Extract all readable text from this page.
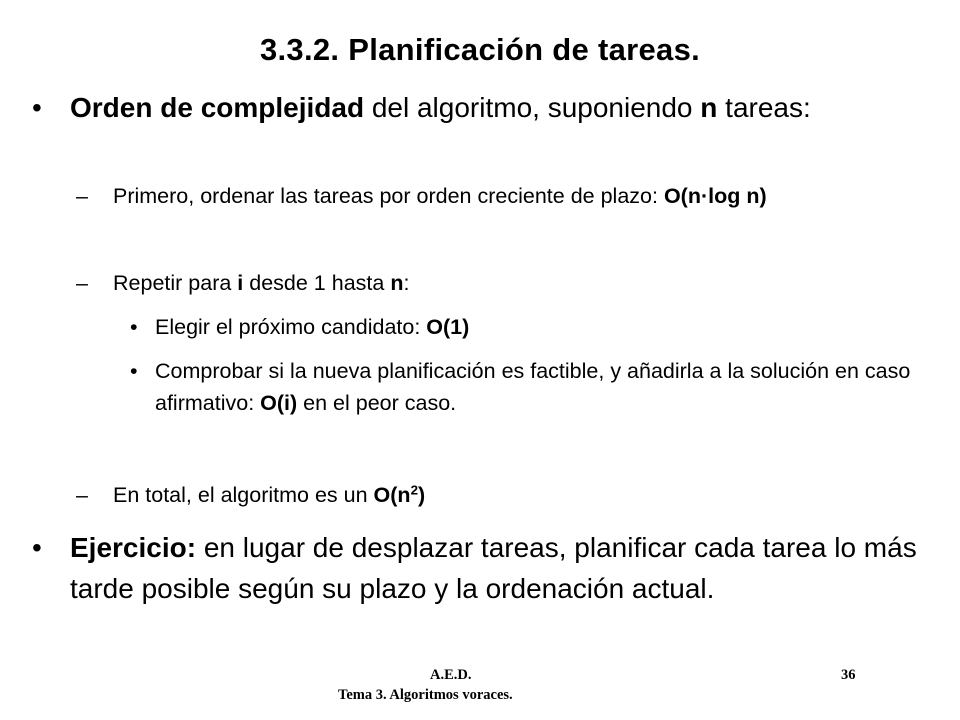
3.3.2. Planificación de tareas.
•	Orden de complejidad del algoritmo, suponiendo n tareas:
–	Primero, ordenar las tareas por orden creciente de plazo: O(n·log n)
–	Repetir para i desde 1 hasta n:
• Elegir el próximo candidato: O(1)
• Comprobar si la nueva planificación es factible, y añadirla a la solución en caso afirmativo: O(i) en el peor caso.
–	En total, el algoritmo es un $O(n^2)$
•	Ejercicio: en lugar de desplazar tareas, planificar cada tarea lo más tarde posible según su plazo y la ordenación actual.
A.E.D.
Tema 3. Algoritmos voraces.
36
